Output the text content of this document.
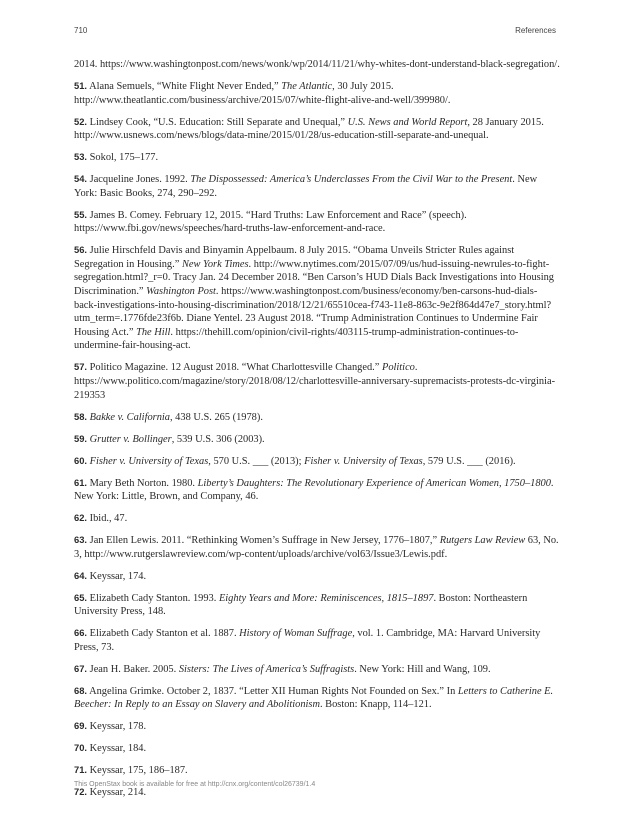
710	References

2014. https://www.washingtonpost.com/news/wonk/wp/2014/11/21/why-whites-dont-understand-black-segregation/.

51. Alana Semuels, “White Flight Never Ended,” The Atlantic, 30 July 2015. http://www.theatlantic.com/business/archive/2015/07/white-flight-alive-and-well/399980/.

52. Lindsey Cook, “U.S. Education: Still Separate and Unequal,” U.S. News and World Report, 28 January 2015. http://www.usnews.com/news/blogs/data-mine/2015/01/28/us-education-still-separate-and-unequal.

53. Sokol, 175–177.

54. Jacqueline Jones. 1992. The Dispossessed: America’s Underclasses From the Civil War to the Present. New York: Basic Books, 274, 290–292.

55. James B. Comey. February 12, 2015. “Hard Truths: Law Enforcement and Race” (speech). https://www.fbi.gov/news/speeches/hard-truths-law-enforcement-and-race.

56. Julie Hirschfeld Davis and Binyamin Appelbaum. 8 July 2015. “Obama Unveils Stricter Rules against Segregation in Housing.” New York Times. http://www.nytimes.com/2015/07/09/us/hud-issuing-newrules-to-fight-segregation.html?_r=0. Tracy Jan. 24 December 2018. “Ben Carson’s HUD Dials Back Investigations into Housing Discrimination.” Washington Post. https://www.washingtonpost.com/business/economy/ben-carsons-hud-dials-back-investigations-into-housing-discrimination/2018/12/21/65510cea-f743-11e8-863c-9e2f864d47e7_story.html?utm_term=.1776fde23f6b. Diane Yentel. 23 August 2018. “Trump Administration Continues to Undermine Fair Housing Act.” The Hill. https://thehill.com/opinion/civil-rights/403115-trump-administration-continues-to-undermine-fair-housing-act.

57. Politico Magazine. 12 August 2018. “What Charlottesville Changed.” Politico. https://www.politico.com/magazine/story/2018/08/12/charlottesville-anniversary-supremacists-protests-dc-virginia-219353

58. Bakke v. California, 438 U.S. 265 (1978).

59. Grutter v. Bollinger, 539 U.S. 306 (2003).

60. Fisher v. University of Texas, 570 U.S. ___ (2013); Fisher v. University of Texas, 579 U.S. ___ (2016).

61. Mary Beth Norton. 1980. Liberty’s Daughters: The Revolutionary Experience of American Women, 1750–1800. New York: Little, Brown, and Company, 46.

62. Ibid., 47.

63. Jan Ellen Lewis. 2011. “Rethinking Women’s Suffrage in New Jersey, 1776–1807,” Rutgers Law Review 63, No. 3, http://www.rutgerslawreview.com/wp-content/uploads/archive/vol63/Issue3/Lewis.pdf.

64. Keyssar, 174.

65. Elizabeth Cady Stanton. 1993. Eighty Years and More: Reminiscences, 1815–1897. Boston: Northeastern University Press, 148.

66. Elizabeth Cady Stanton et al. 1887. History of Woman Suffrage, vol. 1. Cambridge, MA: Harvard University Press, 73.

67. Jean H. Baker. 2005. Sisters: The Lives of America’s Suffragists. New York: Hill and Wang, 109.

68. Angelina Grimke. October 2, 1837. “Letter XII Human Rights Not Founded on Sex.” In Letters to Catherine E. Beecher: In Reply to an Essay on Slavery and Abolitionism. Boston: Knapp, 114–121.

69. Keyssar, 178.

70. Keyssar, 184.

71. Keyssar, 175, 186–187.

72. Keyssar, 214.

This OpenStax book is available for free at http://cnx.org/content/col26739/1.4
